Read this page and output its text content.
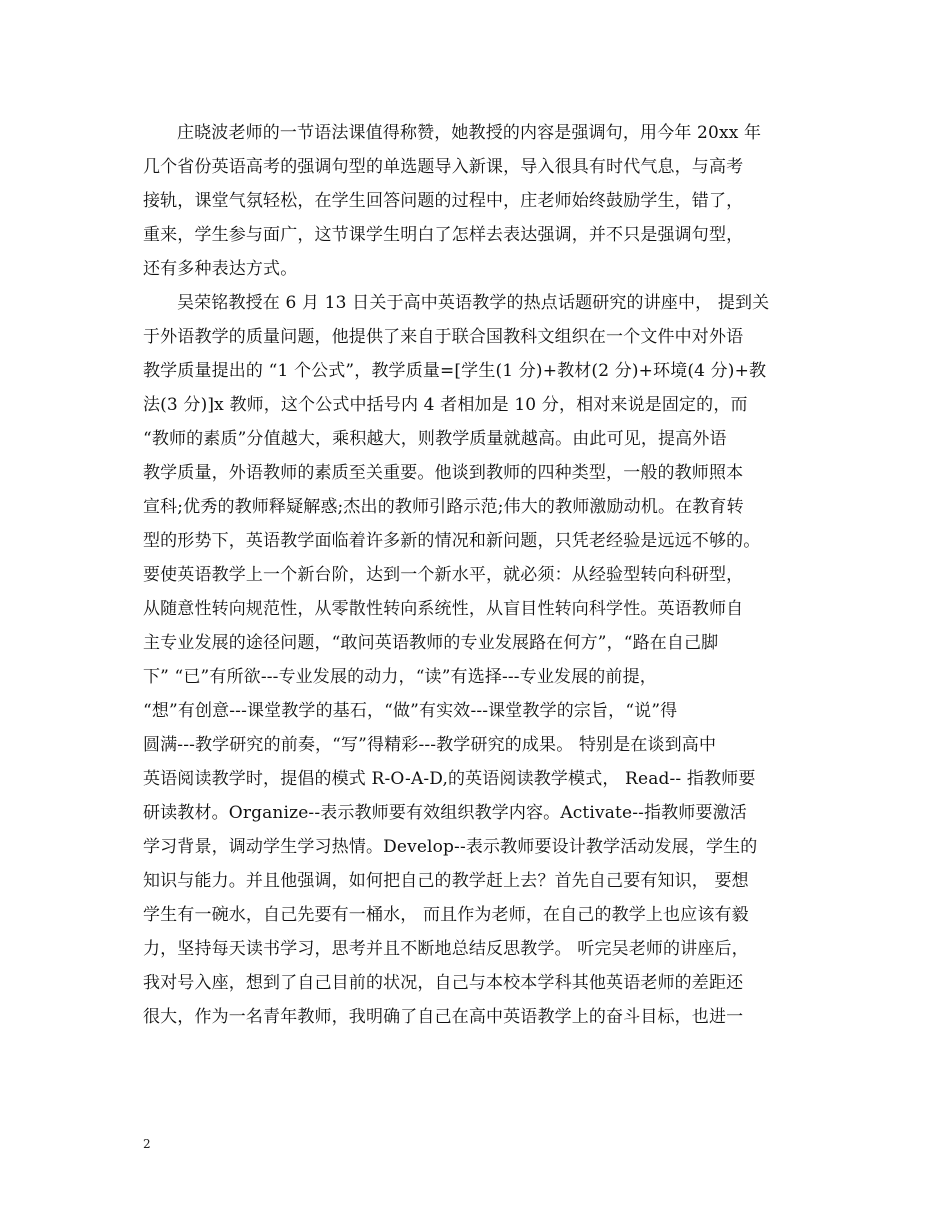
庄晓波老师的一节语法课值得称赞，她教授的内容是强调句，用今年 20xx 年
几个省份英语高考的强调句型的单选题导入新课，导入很具有时代气息，与高考
接轨，课堂气氛轻松，在学生回答问题的过程中，庄老师始终鼓励学生，错了，
重来，学生参与面广，这节课学生明白了怎样去表达强调，并不只是强调句型，
还有多种表达方式。
吴荣铭教授在 6 月 13 日关于高中英语教学的热点话题研究的讲座中， 提到关
于外语教学的质量问题，他提供了来自于联合国教科文组织在一个文件中对外语
教学质量提出的 “1 个公式”，教学质量=[学生(1 分)+教材(2 分)+环境(4 分)+教
法(3 分)]x 教师，这个公式中括号内 4 者相加是 10 分，相对来说是固定的，而
“教师的素质”分值越大，乘积越大，则教学质量就越高。由此可见，提高外语
教学质量，外语教师的素质至关重要。他谈到教师的四种类型，一般的教师照本
宣科;优秀的教师释疑解惑;杰出的教师引路示范;伟大的教师激励动机。在教育转
型的形势下，英语教学面临着许多新的情况和新问题，只凭老经验是远远不够的。
要使英语教学上一个新台阶，达到一个新水平，就必须：从经验型转向科研型，
从随意性转向规范性，从零散性转向系统性，从盲目性转向科学性。英语教师自
主专业发展的途径问题，“敢问英语教师的专业发展路在何方”，“路在自己脚
下” “已”有所欲---专业发展的动力，“读”有选择---专业发展的前提，
“想”有创意---课堂教学的基石，“做”有实效---课堂教学的宗旨，“说”得
圆满---教学研究的前奏，“写”得精彩---教学研究的成果。 特别是在谈到高中
英语阅读教学时，提倡的模式 R-O-A-D,的英语阅读教学模式， Read-- 指教师要
研读教材。Organize--表示教师要有效组织教学内容。Activate--指教师要激活
学习背景，调动学生学习热情。Develop--表示教师要设计教学活动发展，学生的
知识与能力。并且他强调，如何把自己的教学赶上去？首先自己要有知识， 要想
学生有一碗水，自己先要有一桶水， 而且作为老师，在自己的教学上也应该有毅
力，坚持每天读书学习，思考并且不断地总结反思教学。 听完吴老师的讲座后，
我对号入座，想到了自己目前的状况，自己与本校本学科其他英语老师的差距还
很大，作为一名青年教师，我明确了自己在高中英语教学上的奋斗目标，也进一
2
